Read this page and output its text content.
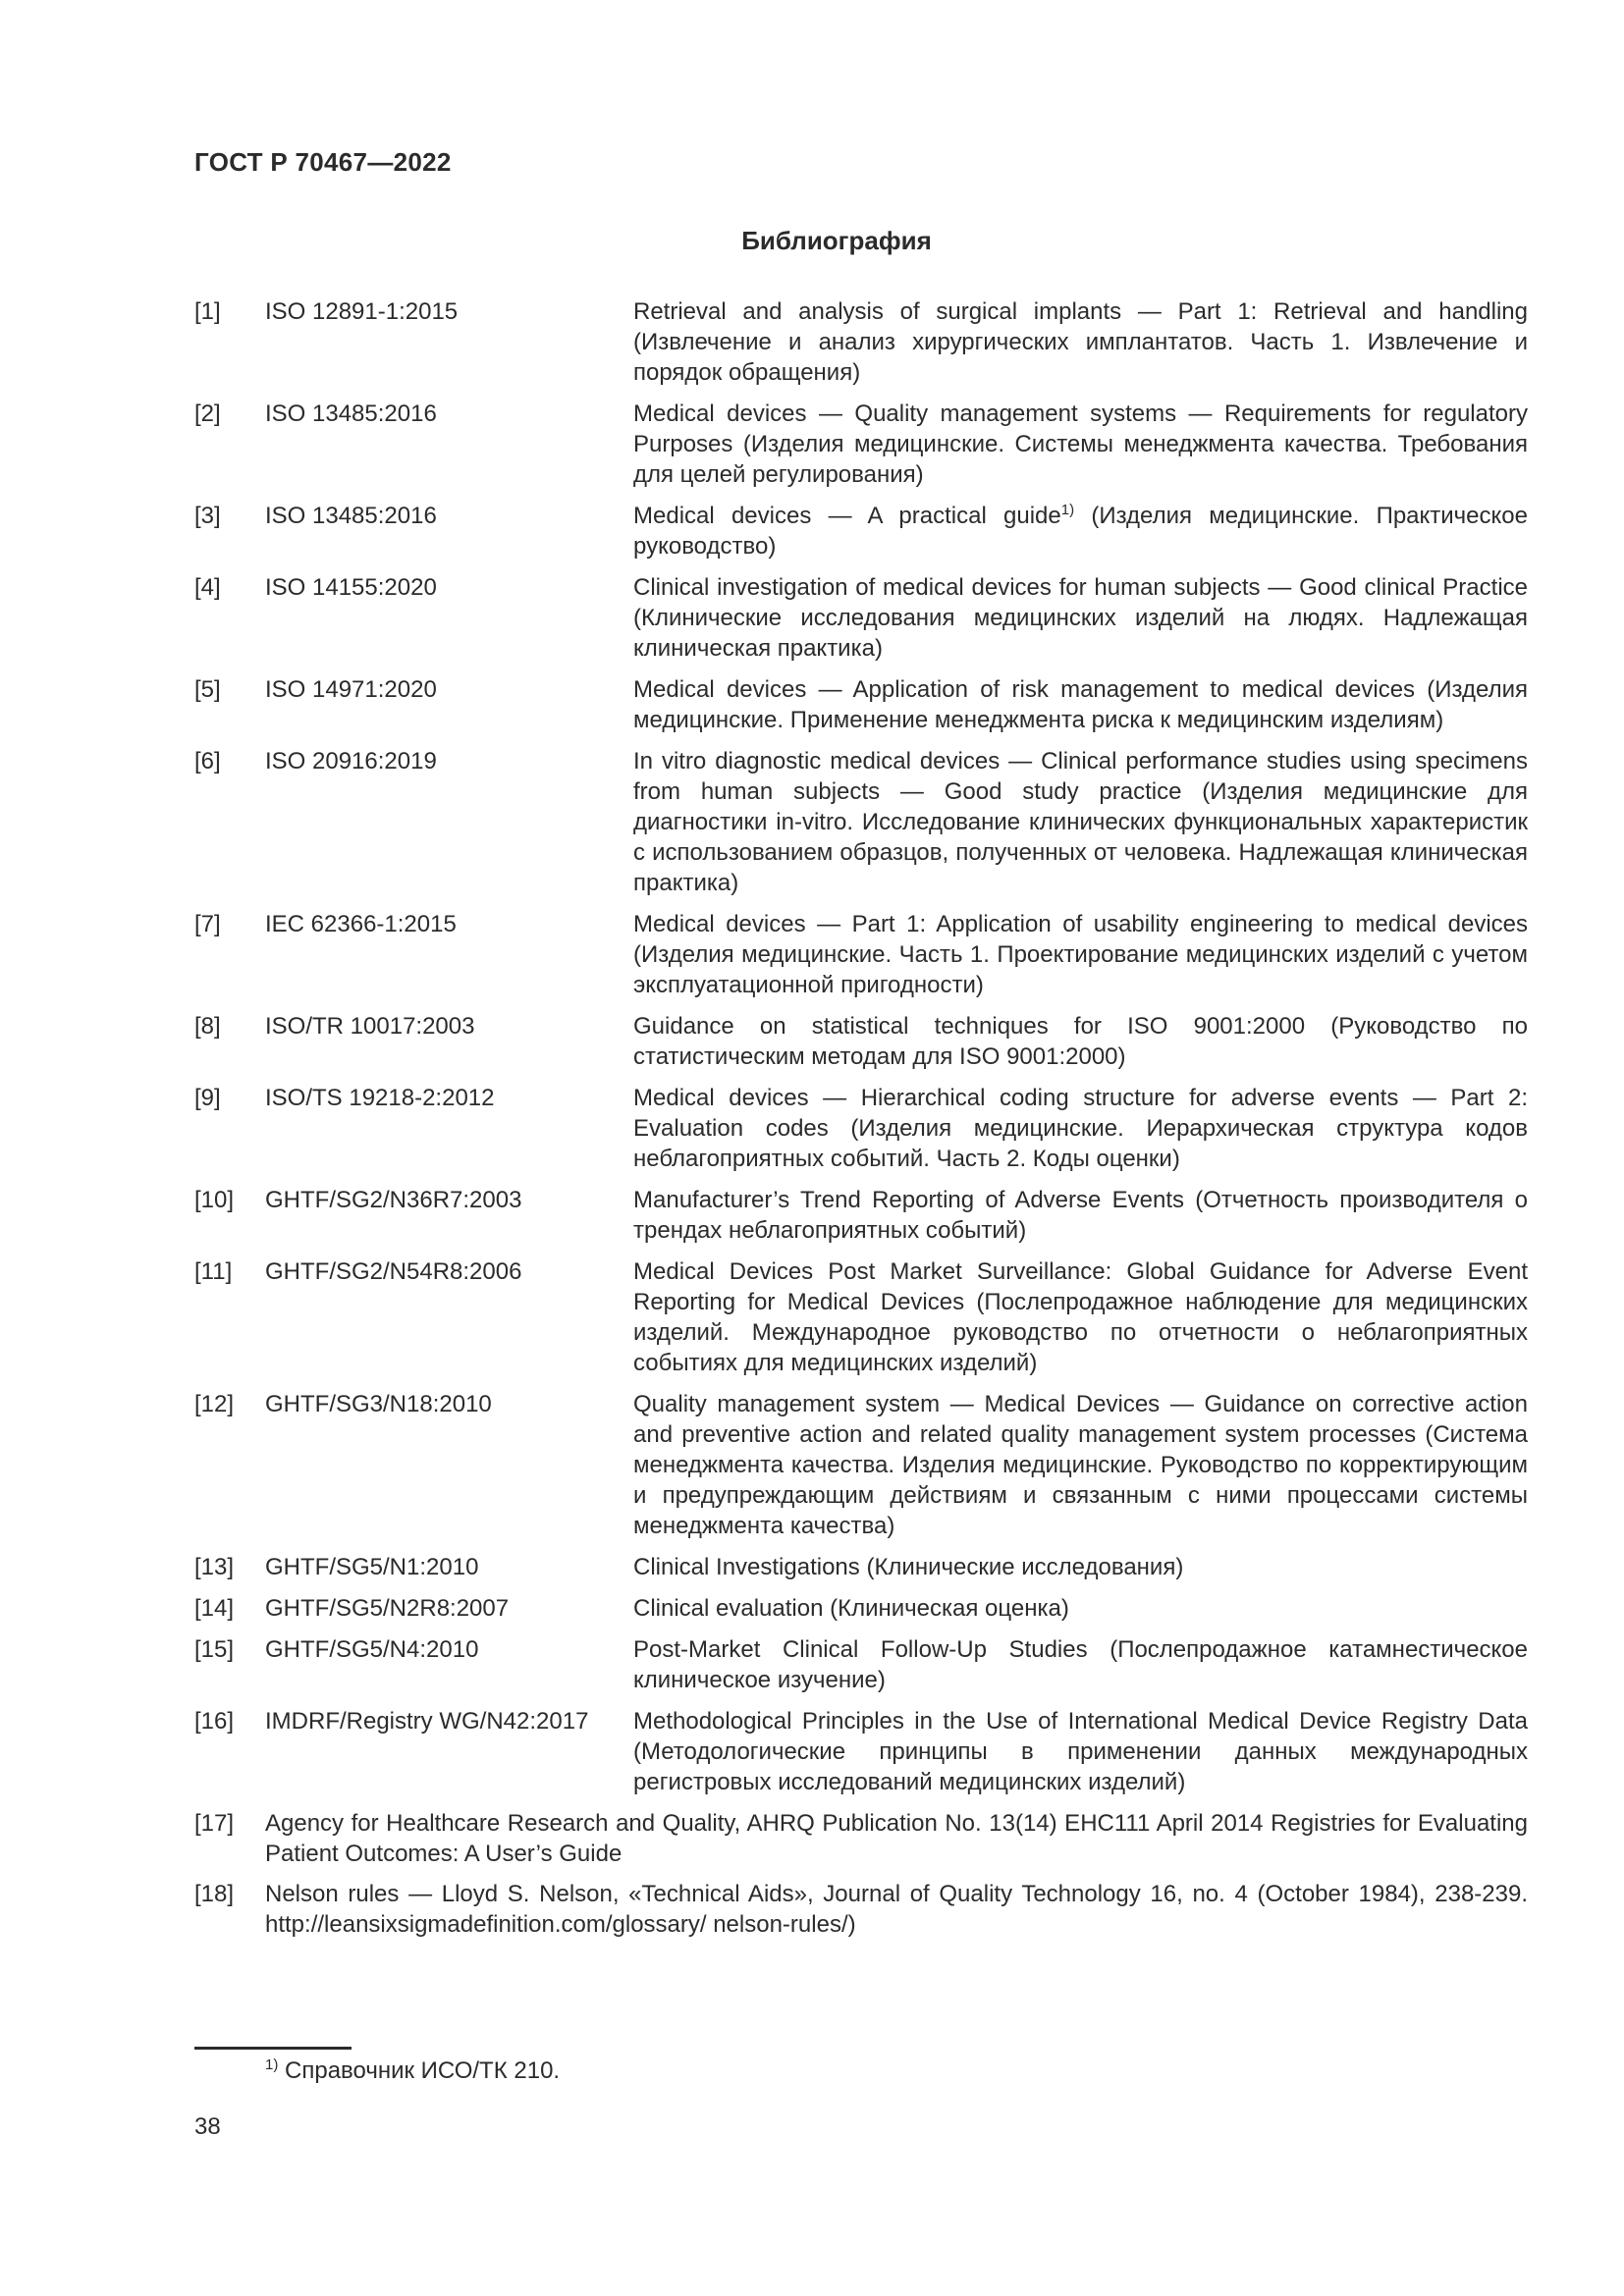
ГОСТ Р 70467—2022
Библиография
[1] ISO 12891-1:2015	Retrieval and analysis of surgical implants — Part 1: Retrieval and handling (Извлечение и анализ хирургических имплантатов. Часть 1. Извлечение и порядок обращения)
[2] ISO 13485:2016	Medical devices — Quality management systems — Requirements for regulatory Purposes (Изделия медицинские. Системы менеджмента качества. Требования для целей регулирования)
[3] ISO 13485:2016	Medical devices — A practical guide$^{1)}$ (Изделия медицинские. Практическое руководство)
[4] ISO 14155:2020	Clinical investigation of medical devices for human subjects — Good clinical Practice (Клинические исследования медицинских изделий на людях. Надлежащая клиническая практика)
[5] ISO 14971:2020	Medical devices — Application of risk management to medical devices (Изделия медицинские. Применение менеджмента риска к медицинским изделиям)
[6] ISO 20916:2019	In vitro diagnostic medical devices — Clinical performance studies using specimens from human subjects — Good study practice (Изделия медицинские для диагностики in-vitro. Исследование клинических функциональных характеристик с использованием образцов, полученных от человека. Надлежащая клиническая практика)
[7] IEC 62366-1:2015	Medical devices — Part 1: Application of usability engineering to medical devices (Изделия медицинские. Часть 1. Проектирование медицинских изделий с учетом эксплуатационной пригодности)
[8] ISO/TR 10017:2003	Guidance on statistical techniques for ISO 9001:2000 (Руководство по статистическим методам для ISO 9001:2000)
[9] ISO/TS 19218-2:2012	Medical devices — Hierarchical coding structure for adverse events — Part 2: Evaluation codes (Изделия медицинские. Иерархическая структура кодов неблагоприятных событий. Часть 2. Коды оценки)
[10] GHTF/SG2/N36R7:2003	Manufacturer’s Trend Reporting of Adverse Events (Отчетность производителя о трендах неблагоприятных событий)
[11] GHTF/SG2/N54R8:2006	Medical Devices Post Market Surveillance: Global Guidance for Adverse Event Reporting for Medical Devices (Послепродажное наблюдение для медицинских изделий. Международное руководство по отчетности о неблагоприятных событиях для медицинских изделий)
[12] GHTF/SG3/N18:2010	Quality management system — Medical Devices — Guidance on corrective action and preventive action and related quality management system processes (Система менеджмента качества. Изделия медицинские. Руководство по корректирующим и предупреждающим действиям и связанным с ними процессами системы менеджмента качества)
[13] GHTF/SG5/N1:2010	Clinical Investigations (Клинические исследования)
[14] GHTF/SG5/N2R8:2007	Clinical evaluation (Клиническая оценка)
[15] GHTF/SG5/N4:2010	Post-Market Clinical Follow-Up Studies (Послепродажное катамнестическое клиническое изучение)
[16] IMDRF/Registry WG/N42:2017 Methodological Principles in the Use of International Medical Device Registry Data (Методологические принципы в применении данных международных регистровых исследований медицинских изделий)
[17] Agency for Healthcare Research and Quality, AHRQ Publication No. 13(14) EHC111 April 2014 Registries for Evaluating Patient Outcomes: A User’s Guide
[18] Nelson rules — Lloyd S. Nelson, «Technical Aids», Journal of Quality Technology 16, no. 4 (October 1984), 238-239. http://leansixsigmadefinition.com/glossary/ nelson-rules/)
$^{1)}$ Справочник ИСО/ТК 210.
38
